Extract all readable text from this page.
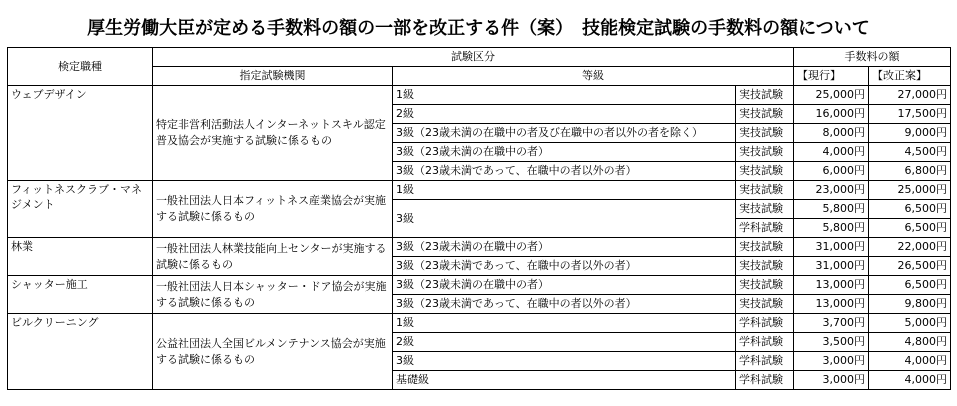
厚生労働大臣が定める手数料の額の一部を改正する件（案）　技能検定試験の手数料の額について
検定職種	試験区分			手数料の額	
	指定試験機関	等級		【現行】	【改正案】
ウェブデザイン	特定非営利活動法人インターネットスキル認定普及協会が実施する試験に係るもの	1級	実技試験	25,000円	27,000円
		2級	実技試験	16,000円	17,500円
		3級（23歳未満の在職中の者及び在職中の者以外の者を除く）	実技試験	8,000円	9,000円
		3級（23歳未満の在職中の者）	実技試験	4,000円	4,500円
		3級（23歳未満であって、在職中の者以外の者）	実技試験	6,000円	6,800円
フィットネスクラブ・マネジメント	一般社団法人日本フィットネス産業協会が実施する試験に係るもの	1級	実技試験	23,000円	25,000円
		3級	実技試験	5,800円	6,500円
			学科試験	5,800円	6,500円
林業	一般社団法人林業技能向上センターが実施する試験に係るもの	3級（23歳未満の在職中の者）	実技試験	31,000円	22,000円
		3級（23歳未満であって、在職中の者以外の者）	実技試験	31,000円	26,500円
シャッター施工	一般社団法人日本シャッター・ドア協会が実施する試験に係るもの	3級（23歳未満の在職中の者）	実技試験	13,000円	6,500円
		3級（23歳未満であって、在職中の者以外の者）	実技試験	13,000円	9,800円
ビルクリーニング	公益社団法人全国ビルメンテナンス協会が実施する試験に係るもの	1級	学科試験	3,700円	5,000円
		2級	学科試験	3,500円	4,800円
		3級	学科試験	3,000円	4,000円
		基礎級	学科試験	3,000円	4,000円
